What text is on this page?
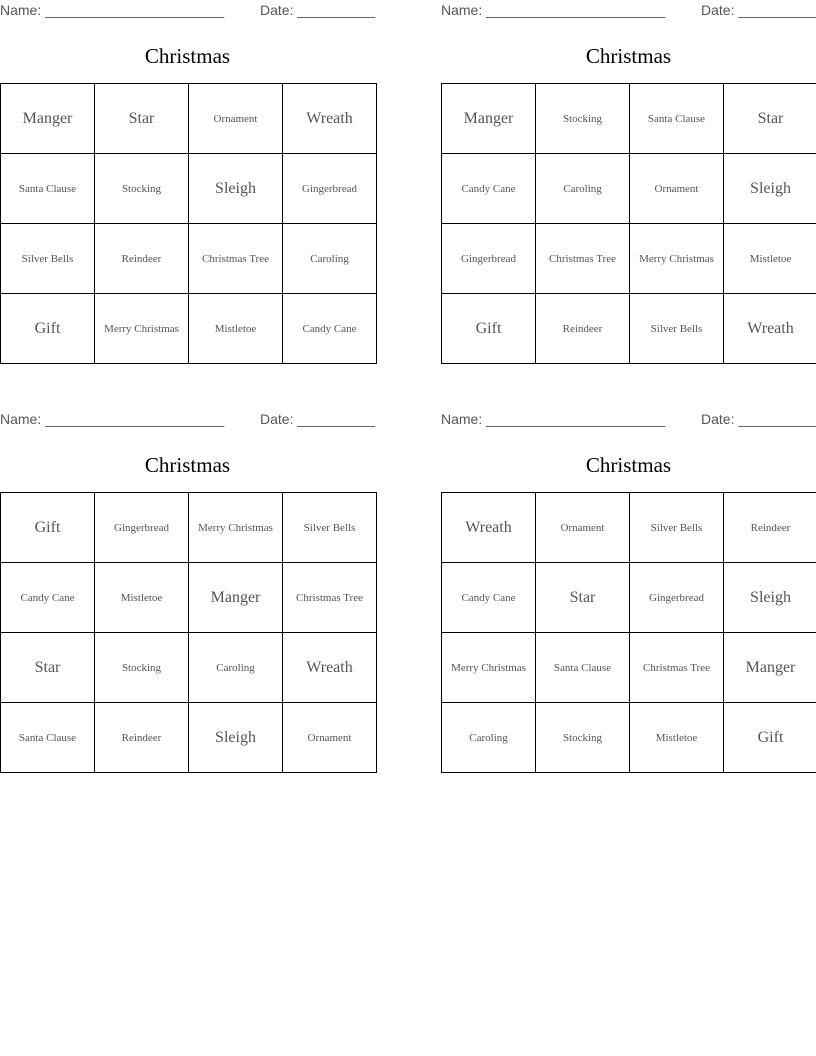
Name: _______________________	Date: __________
Christmas
Manger	Star	Ornament	Wreath
Santa Clause	Stocking	Sleigh	Gingerbread
Silver Bells	Reindeer	Christmas Tree	Caroling
Gift	Merry Christmas	Mistletoe	Candy Cane
Name: _______________________	Date: __________
Christmas
Manger	Stocking	Santa Clause	Star
Candy Cane	Caroling	Ornament	Sleigh
Gingerbread	Christmas Tree	Merry Christmas	Mistletoe
Gift	Reindeer	Silver Bells	Wreath
Name: _______________________	Date: __________
Christmas
Gift	Gingerbread	Merry Christmas	Silver Bells
Candy Cane	Mistletoe	Manger	Christmas Tree
Star	Stocking	Caroling	Wreath
Santa Clause	Reindeer	Sleigh	Ornament
Name: _______________________	Date: __________
Christmas
Wreath	Ornament	Silver Bells	Reindeer
Candy Cane	Star	Gingerbread	Sleigh
Merry Christmas	Santa Clause	Christmas Tree	Manger
Caroling	Stocking	Mistletoe	Gift
